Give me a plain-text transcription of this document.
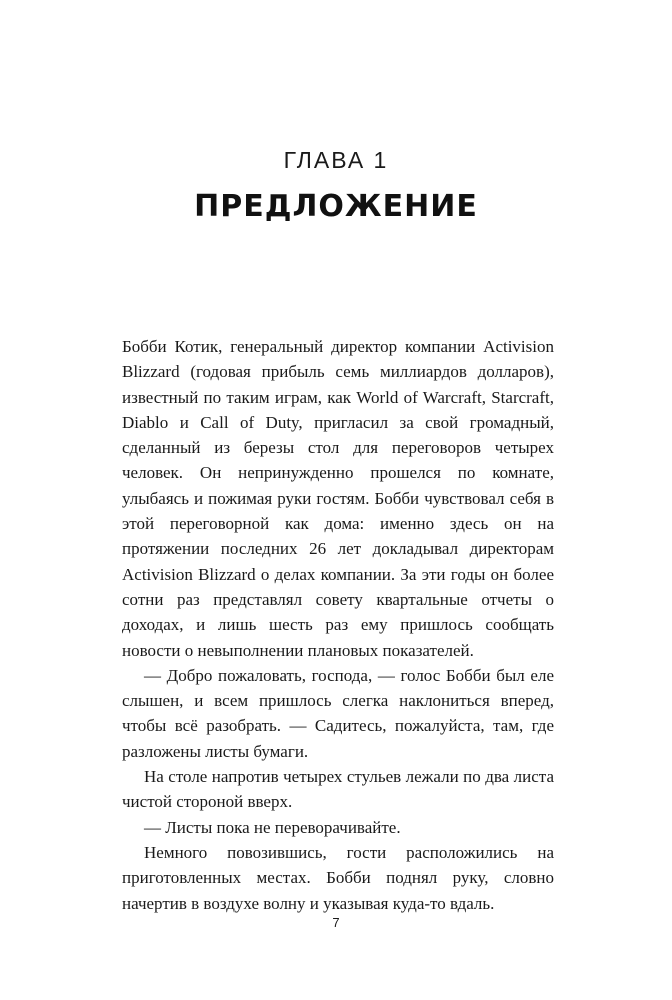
ГЛАВА 1
ПРЕДЛОЖЕНИЕ

Бобби Котик, генеральный директор компании Activision Blizzard (годовая прибыль семь миллиардов долларов), известный по таким играм, как World of Warcraft, Starcraft, Diablo и Call of Duty, пригласил за свой громадный, сделанный из березы стол для переговоров четырех человек. Он непринужденно прошелся по комнате, улыбаясь и пожимая руки гостям. Бобби чувствовал себя в этой переговорной как дома: именно здесь он на протяжении последних 26 лет докладывал директорам Activision Blizzard о делах компании. За эти годы он более сотни раз представлял совету квартальные отчеты о доходах, и лишь шесть раз ему пришлось сообщать новости о невыполнении плановых показателей.

— Добро пожаловать, господа, — голос Бобби был еле слышен, и всем пришлось слегка наклониться вперед, чтобы всё разобрать. — Садитесь, пожалуйста, там, где разложены листы бумаги.

На столе напротив четырех стульев лежали по два листа чистой стороной вверх.

— Листы пока не переворачивайте.

Немного повозившись, гости расположились на приготовленных местах. Бобби поднял руку, словно начертив в воздухе волну и указывая куда-то вдаль.

7
